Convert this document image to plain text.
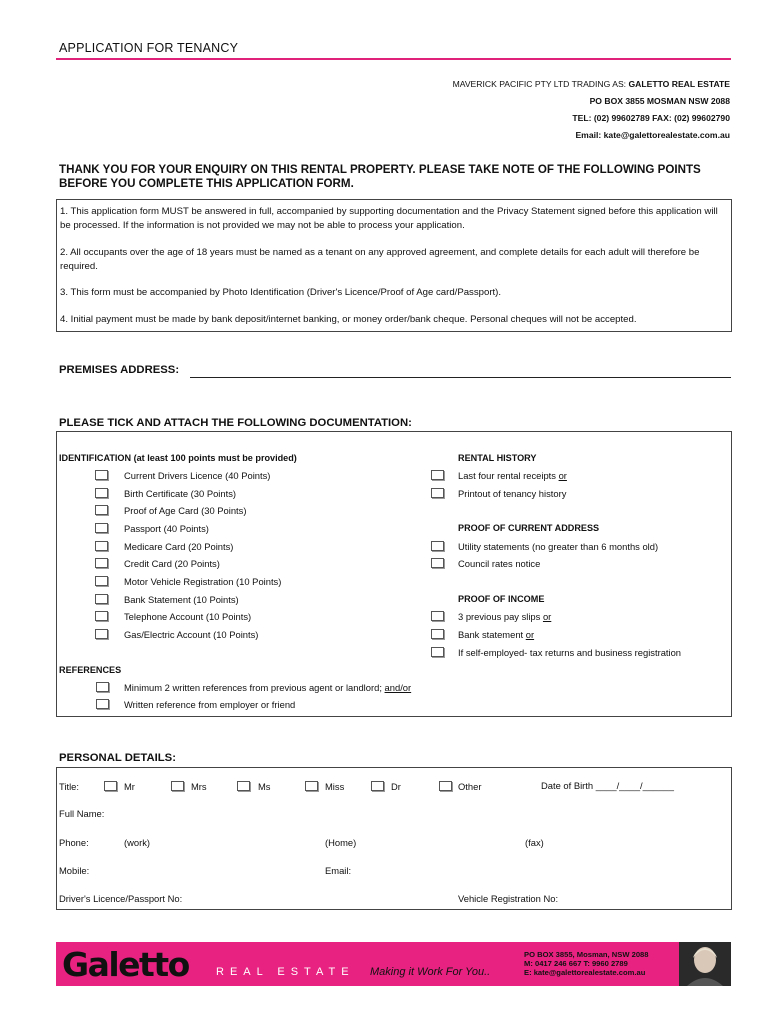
APPLICATION FOR TENANCY
MAVERICK PACIFIC PTY LTD TRADING AS: GALETTO REAL ESTATE
PO BOX 3855 MOSMAN NSW 2088
TEL: (02) 99602789 FAX: (02) 99602790
Email: kate@galettorealestate.com.au
THANK YOU FOR YOUR ENQUIRY ON THIS RENTAL PROPERTY. PLEASE TAKE NOTE OF THE FOLLOWING POINTS BEFORE YOU COMPLETE THIS APPLICATION FORM.

1. This application form MUST be answered in full, accompanied by supporting documentation and the Privacy Statement signed before this application will be processed. If the information is not provided we may not be able to process your application.

2. All occupants over the age of 18 years must be named as a tenant on any approved agreement, and complete details for each adult will therefore be required.

3. This form must be accompanied by Photo Identification (Driver's Licence/Proof of Age card/Passport).

4. Initial payment must be made by bank deposit/internet banking, or money order/bank cheque. Personal cheques will not be accepted.

PREMISES ADDRESS:
PLEASE TICK AND ATTACH THE FOLLOWING DOCUMENTATION:
IDENTIFICATION (at least 100 points must be provided)
Current Drivers Licence (40 Points)
Birth Certificate (30 Points)
Proof of Age Card (30 Points)
Passport (40 Points)
Medicare Card (20 Points)
Credit Card (20 Points)
Motor Vehicle Registration (10 Points)
Bank Statement (10 Points)
Telephone Account (10 Points)
Gas/Electric Account (10 Points)
RENTAL HISTORY
Last four rental receipts or
Printout of tenancy history
PROOF OF CURRENT ADDRESS
Utility statements (no greater than 6 months old)
Council rates notice
PROOF OF INCOME
3 previous pay slips or
Bank statement or
If self-employed- tax returns and business registration
REFERENCES
Minimum 2 written references from previous agent or landlord; and/or
Written reference from employer or friend
PERSONAL DETAILS:
Title:	Mr	Mrs	Ms	Miss	Dr	Other	Date of Birth ____/____/______
Full Name:
Phone:	(work)	(Home)	(fax)
Mobile:	Email:
Driver's Licence/Passport No:	Vehicle Registration No:
Galetto REAL ESTATE Making it Work For You..
PO BOX 3855, Mosman, NSW 2088
M: 0417 246 667 T: 9960 2789
E: kate@galettorealestate.com.au
